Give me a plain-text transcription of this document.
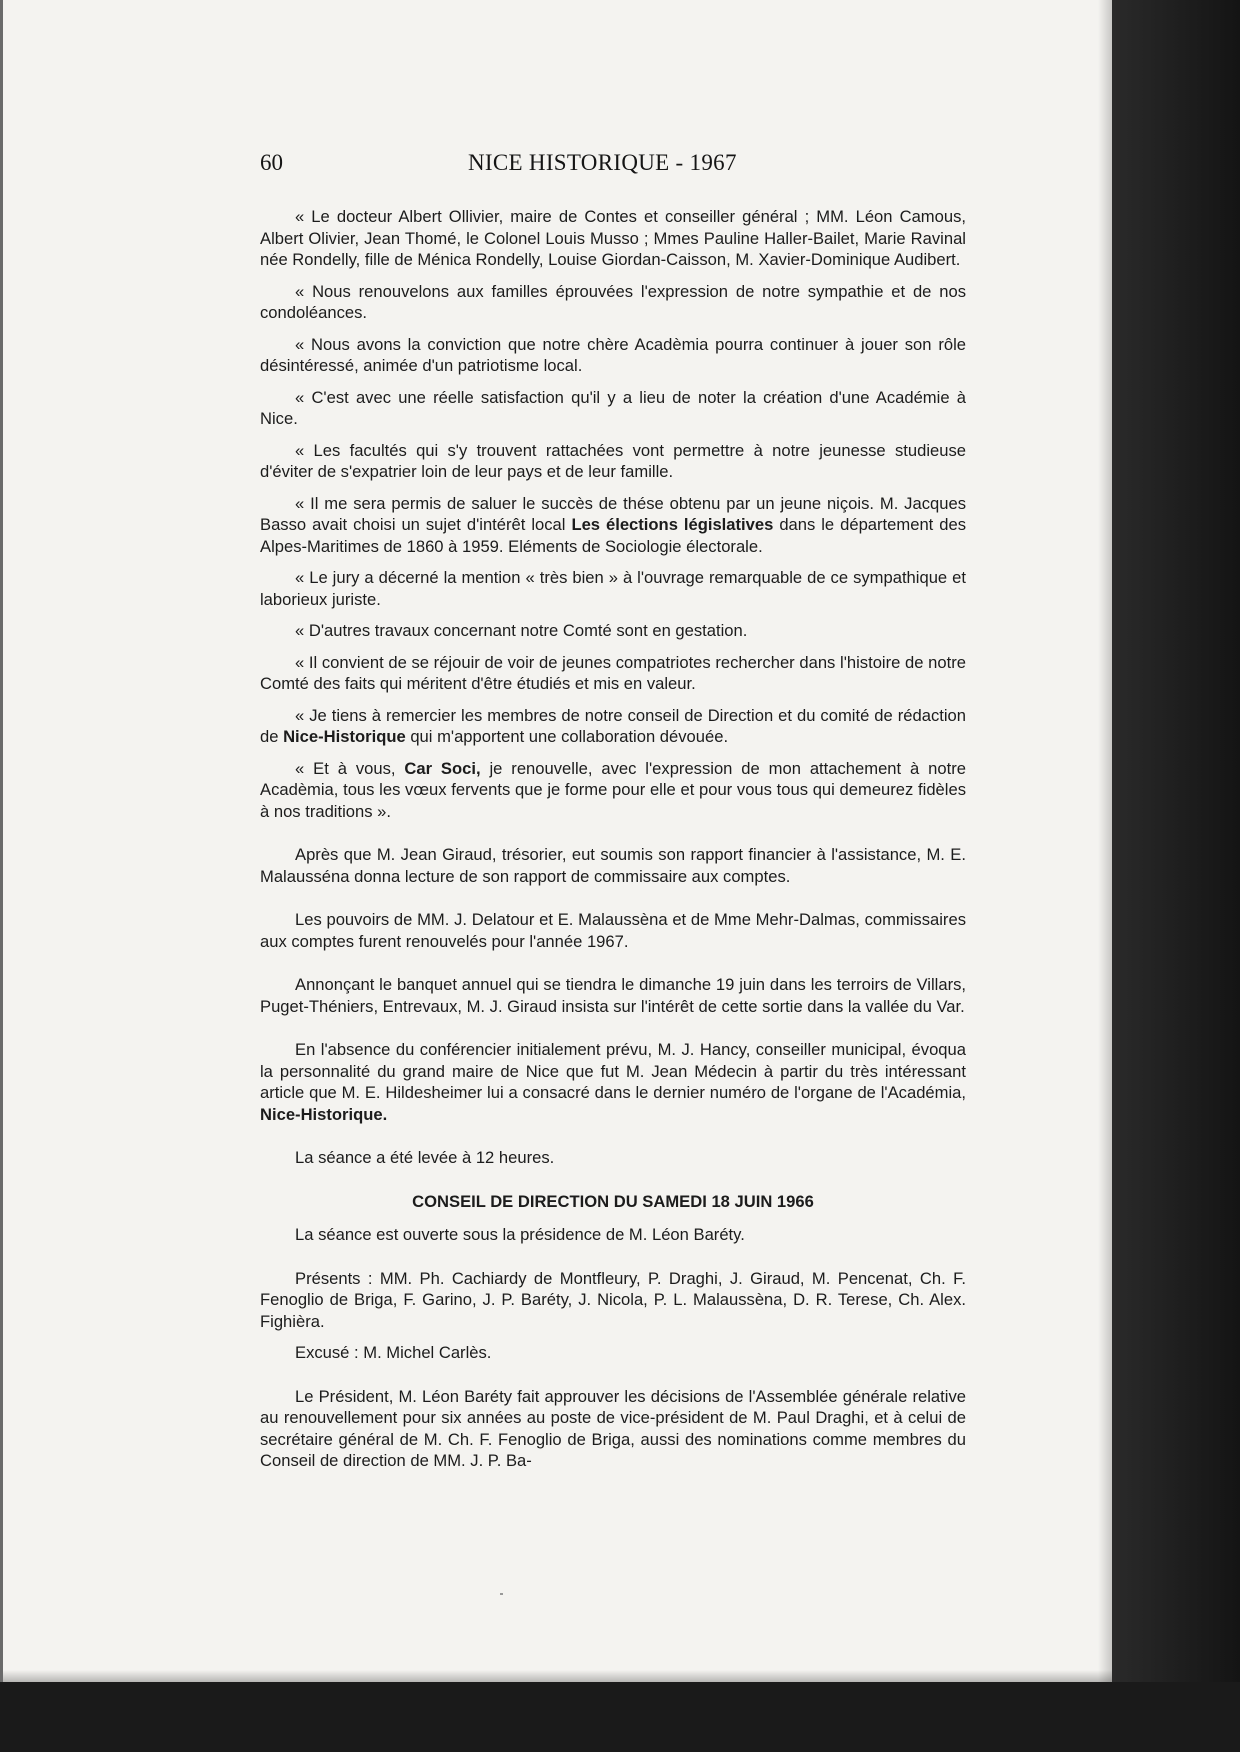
60	NICE HISTORIQUE - 1967

« Le docteur Albert Ollivier, maire de Contes et conseiller général ; MM. Léon Camous, Albert Olivier, Jean Thomé, le Colonel Louis Musso ; Mmes Pauline Haller-Bailet, Marie Ravinal née Rondelly, fille de Ménica Rondelly, Louise Giordan-Caisson, M. Xavier-Dominique Audibert.

« Nous renouvelons aux familles éprouvées l'expression de notre sympathie et de nos condoléances.

« Nous avons la conviction que notre chère Acadèmia pourra continuer à jouer son rôle désintéressé, animée d'un patriotisme local.

« C'est avec une réelle satisfaction qu'il y a lieu de noter la création d'une Académie à Nice.

« Les facultés qui s'y trouvent rattachées vont permettre à notre jeunesse studieuse d'éviter de s'expatrier loin de leur pays et de leur famille.

« Il me sera permis de saluer le succès de thése obtenu par un jeune niçois. M. Jacques Basso avait choisi un sujet d'intérêt local Les élections législatives dans le département des Alpes-Maritimes de 1860 à 1959. Eléments de Sociologie électorale.

« Le jury a décerné la mention « très bien » à l'ouvrage remarquable de ce sympathique et laborieux juriste.

« D'autres travaux concernant notre Comté sont en gestation.

« Il convient de se réjouir de voir de jeunes compatriotes rechercher dans l'histoire de notre Comté des faits qui méritent d'être étudiés et mis en valeur.

« Je tiens à remercier les membres de notre conseil de Direction et du comité de rédaction de Nice-Historique qui m'apportent une collaboration dévouée.

« Et à vous, Car Soci, je renouvelle, avec l'expression de mon attachement à notre Acadèmia, tous les vœux fervents que je forme pour elle et pour vous tous qui demeurez fidèles à nos traditions ».

Après que M. Jean Giraud, trésorier, eut soumis son rapport financier à l'assistance, M. E. Malausséna donna lecture de son rapport de commissaire aux comptes.

Les pouvoirs de MM. J. Delatour et E. Malaussèna et de Mme Mehr-Dalmas, commissaires aux comptes furent renouvelés pour l'année 1967.

Annonçant le banquet annuel qui se tiendra le dimanche 19 juin dans les terroirs de Villars, Puget-Théniers, Entrevaux, M. J. Giraud insista sur l'intérêt de cette sortie dans la vallée du Var.

En l'absence du conférencier initialement prévu, M. J. Hancy, conseiller municipal, évoqua la personnalité du grand maire de Nice que fut M. Jean Médecin à partir du très intéressant article que M. E. Hildesheimer lui a consacré dans le dernier numéro de l'organe de l'Académia, Nice-Historique.

La séance a été levée à 12 heures.

CONSEIL DE DIRECTION DU SAMEDI 18 JUIN 1966

La séance est ouverte sous la présidence de M. Léon Baréty.

Présents : MM. Ph. Cachiardy de Montfleury, P. Draghi, J. Giraud, M. Pencenat, Ch. F. Fenoglio de Briga, F. Garino, J. P. Baréty, J. Nicola, P. L. Malaussèna, D. R. Terese, Ch. Alex. Fighièra.

Excusé : M. Michel Carlès.

Le Président, M. Léon Baréty fait approuver les décisions de l'Assemblée générale relative au renouvellement pour six années au poste de vice-président de M. Paul Draghi, et à celui de secrétaire général de M. Ch. F. Fenoglio de Briga, aussi des nominations comme membres du Conseil de direction de MM. J. P. Ba-
